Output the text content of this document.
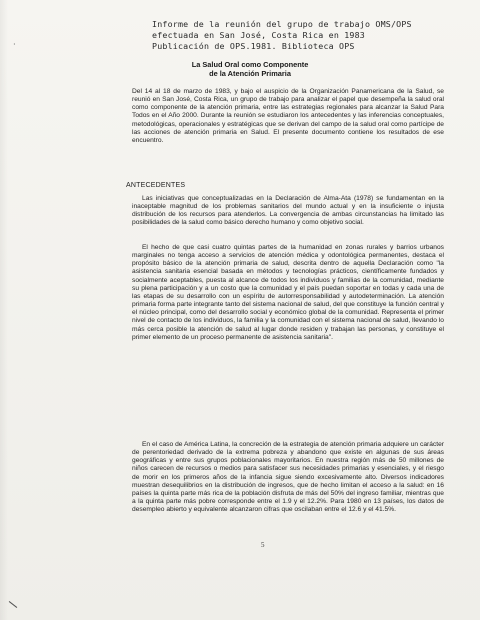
Informe de la reunión del grupo de trabajo OMS/OPS
efectuada en San José, Costa Rica en 1983
Publicación de OPS.1981. Biblioteca OPS
La Salud Oral como Componente
de la Atención Primaria
Del 14 al 18 de marzo de 1983, y bajo el auspicio de la Organización Panamericana de la Salud, se reunió en San José, Costa Rica, un grupo de trabajo para analizar el papel que desempeña la salud oral como componente de la atención primaria, entre las estrategias regionales para alcanzar la Salud Para Todos en el Año 2000. Durante la reunión se estudiaron los antecedentes y las inferencias conceptuales, metodológicas, operacionales y estratégicas que se derivan del campo de la salud oral como partícipe de las acciones de atención primaria en Salud. El presente documento contiene los resultados de ese encuentro.
ANTECEDENTES
Las iniciativas que conceptualizadas en la Declaración de Alma-Ata (1978) se fundamentan en la inaceptable magnitud de los problemas sanitarios del mundo actual y en la insuficiente o injusta distribución de los recursos para atenderlos. La convergencia de ambas circunstancias ha limitado las posibilidades de la salud como básico derecho humano y como objetivo social.
El hecho de que casi cuatro quintas partes de la humanidad en zonas rurales y barrios urbanos marginales no tenga acceso a servicios de atención médica y odontológica permanentes, destaca el propósito básico de la atención primaria de salud, descrita dentro de aquella Declaración como "la asistencia sanitaria esencial basada en métodos y tecnologías prácticos, científicamente fundados y socialmente aceptables, puesta al alcance de todos los individuos y familias de la comunidad, mediante su plena participación y a un costo que la comunidad y el país puedan soportar en todas y cada una de las etapas de su desarrollo con un espíritu de autorresponsabilidad y autodeterminación. La atención primaria forma parte integrante tanto del sistema nacional de salud, del que constituye la función central y el núcleo principal, como del desarrollo social y económico global de la comunidad. Representa el primer nivel de contacto de los individuos, la familia y la comunidad con el sistema nacional de salud, llevando lo más cerca posible la atención de salud al lugar donde residen y trabajan las personas, y constituye el primer elemento de un proceso permanente de asistencia sanitaria".
En el caso de América Latina, la concreción de la estrategia de atención primaria adquiere un carácter de perentoriedad derivado de la extrema pobreza y abandono que existe en algunas de sus áreas geográficas y entre sus grupos poblacionales mayoritarios. En nuestra región más de 50 millones de niños carecen de recursos o medios para satisfacer sus necesidades primarias y esenciales, y el riesgo de morir en los primeros años de la infancia sigue siendo excesivamente alto. Diversos indicadores muestran desequilibrios en la distribución de ingresos, que de hecho limitan el acceso a la salud: en 16 países la quinta parte más rica de la población disfruta de más del 50% del ingreso familiar, mientras que a la quinta parte más pobre corresponde entre el 1.9 y el 12.2%. Para 1980 en 13 países, los datos de desempleo abierto y equivalente alcanzaron cifras que oscilaban entre el 12.6 y el 41.5%.
5
·
